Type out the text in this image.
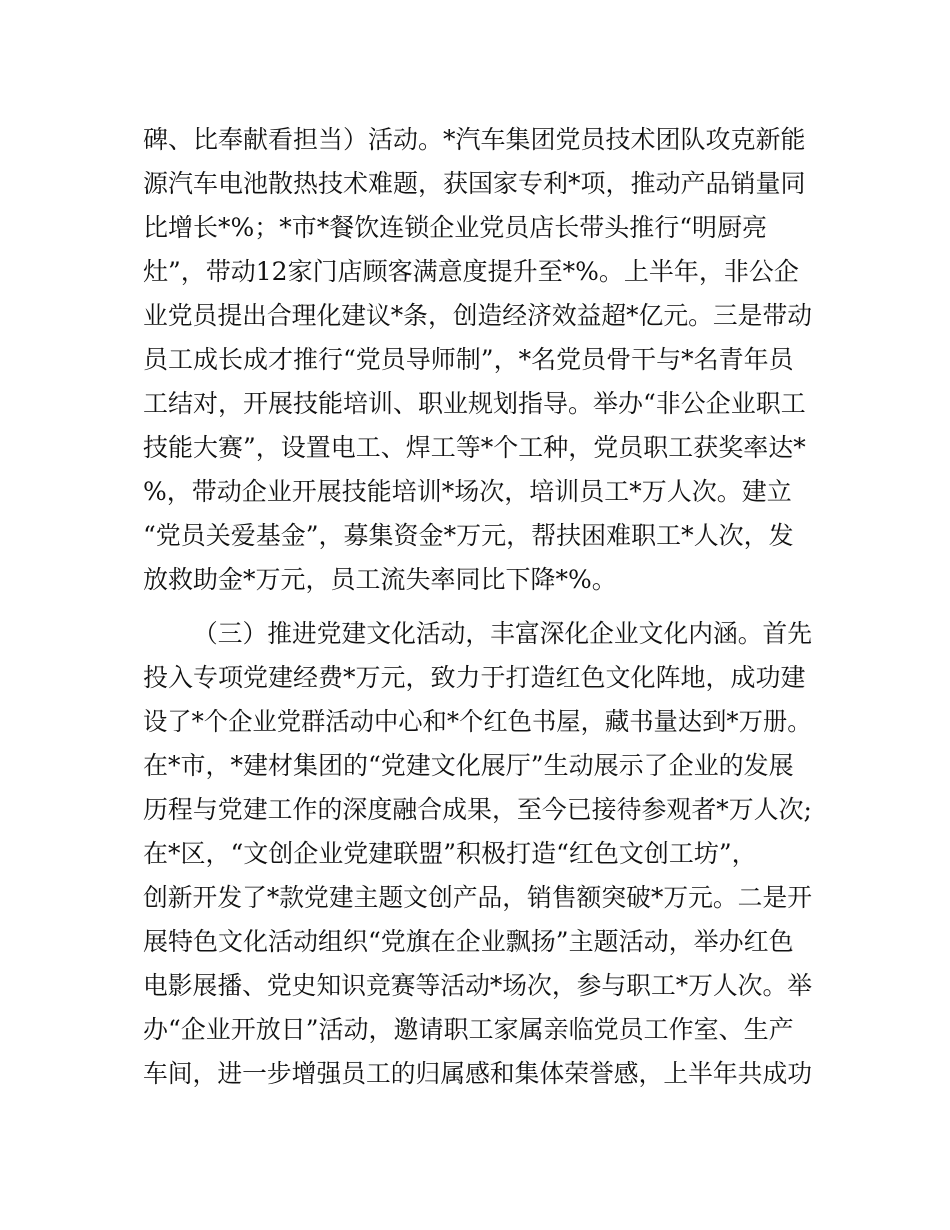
碑、比奉献看担当）活动。*汽车集团党员技术团队攻克新能
源汽车电池散热技术难题，获国家专利*项，推动产品销量同
比增长*%；*市*餐饮连锁企业党员店长带头推行“明厨亮
灶”，带动12家门店顾客满意度提升至*%。上半年，非公企
业党员提出合理化建议*条，创造经济效益超*亿元。三是带动
员工成长成才推行“党员导师制”，*名党员骨干与*名青年员
工结对，开展技能培训、职业规划指导。举办“非公企业职工
技能大赛”，设置电工、焊工等*个工种，党员职工获奖率达*
%，带动企业开展技能培训*场次，培训员工*万人次。建立
“党员关爱基金”，募集资金*万元，帮扶困难职工*人次，发
放救助金*万元，员工流失率同比下降*%。
（三）推进党建文化活动，丰富深化企业文化内涵。首先
投入专项党建经费*万元，致力于打造红色文化阵地，成功建
设了*个企业党群活动中心和*个红色书屋，藏书量达到*万册。
在*市，*建材集团的“党建文化展厅”生动展示了企业的发展
历程与党建工作的深度融合成果，至今已接待参观者*万人次;
在*区，“文创企业党建联盟”积极打造“红色文创工坊”，
创新开发了*款党建主题文创产品，销售额突破*万元。二是开
展特色文化活动组织“党旗在企业飘扬”主题活动，举办红色
电影展播、党史知识竞赛等活动*场次，参与职工*万人次。举
办“企业开放日”活动，邀请职工家属亲临党员工作室、生产
车间，进一步增强员工的归属感和集体荣誉感，上半年共成功
